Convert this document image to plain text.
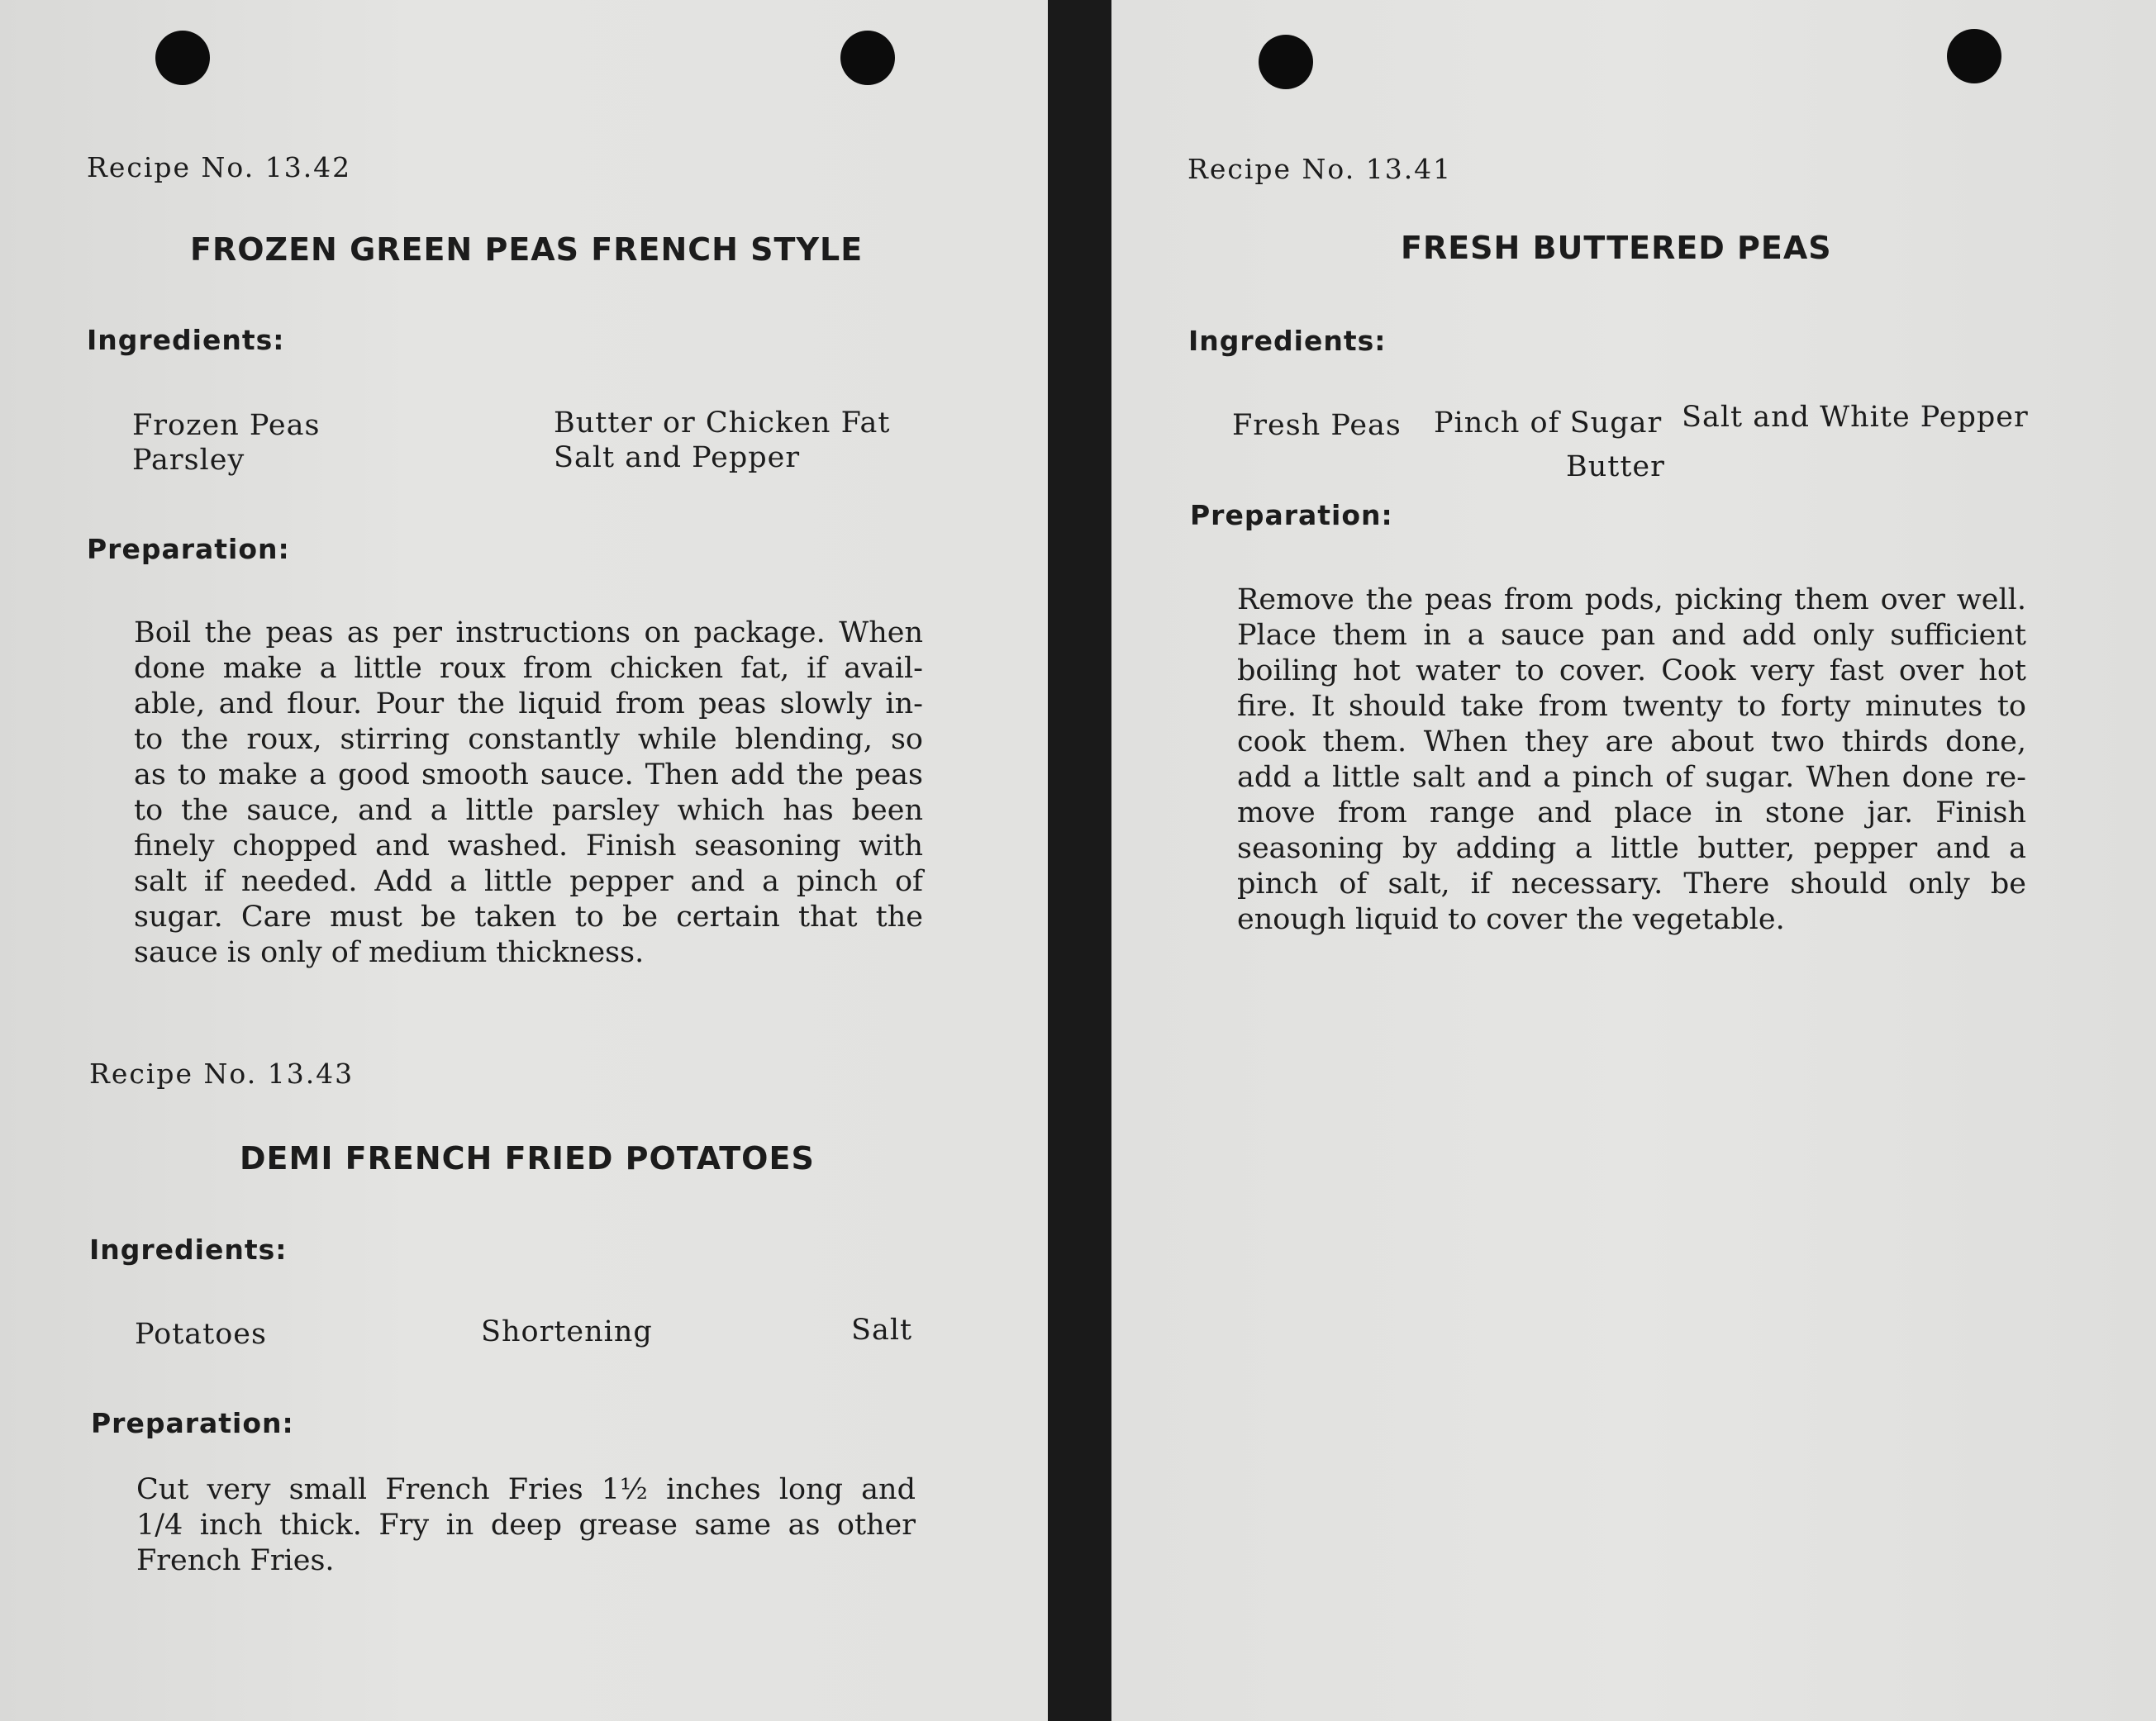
Recipe No. 13.42
FROZEN GREEN PEAS FRENCH STYLE
Ingredients:
Frozen Peas
Parsley
Butter or Chicken Fat
Salt and Pepper
Preparation:
Boil the peas as per instructions on package. When
done make a little roux from chicken fat, if avail-
able, and flour. Pour the liquid from peas slowly in-
to the roux, stirring constantly while blending, so
as to make a good smooth sauce. Then add the peas
to the sauce, and a little parsley which has been
finely chopped and washed. Finish seasoning with
salt if needed. Add a little pepper and a pinch of
sugar. Care must be taken to be certain that the
sauce is only of medium thickness.
Recipe No. 13.43
DEMI FRENCH FRIED POTATOES
Ingredients:
Potatoes	Shortening	Salt
Preparation:
Cut very small French Fries 1½ inches long and
1/4 inch thick. Fry in deep grease same as other
French Fries.
Recipe No. 13.41
FRESH BUTTERED PEAS
Ingredients:
Fresh Peas Pinch of Sugar Salt and White Pepper
Butter
Preparation:
Remove the peas from pods, picking them over well.
Place them in a sauce pan and add only sufficient
boiling hot water to cover. Cook very fast over hot
fire. It should take from twenty to forty minutes to
cook them. When they are about two thirds done,
add a little salt and a pinch of sugar. When done re-
move from range and place in stone jar. Finish
seasoning by adding a little butter, pepper and a
pinch of salt, if necessary. There should only be
enough liquid to cover the vegetable.
